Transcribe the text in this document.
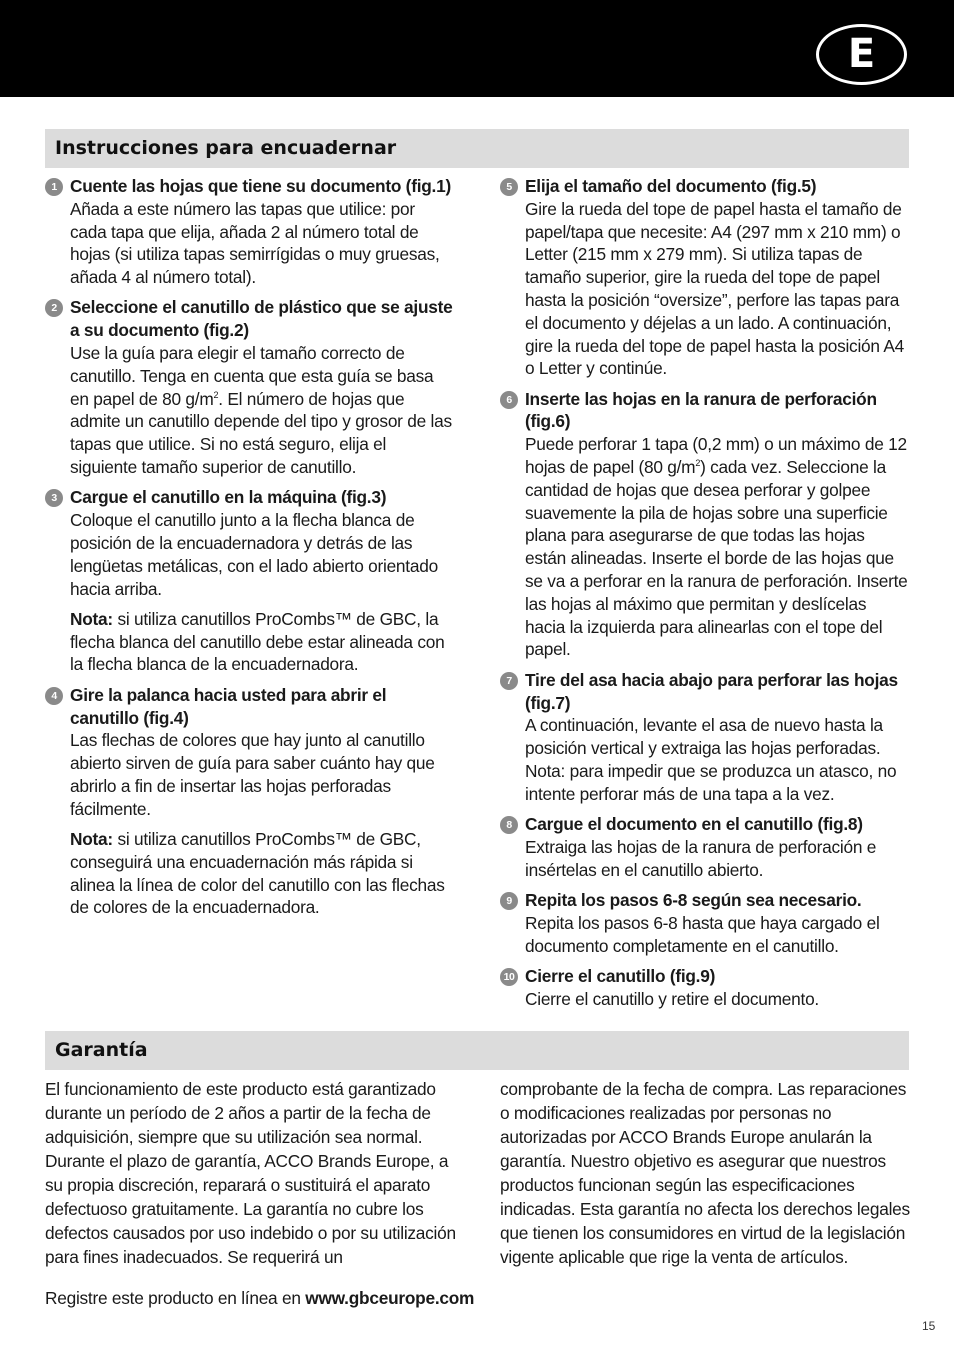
E
Instrucciones para encuadernar
1 Cuente las hojas que tiene su documento (fig.1)
Añada a este número las tapas que utilice: por cada tapa que elija, añada 2 al número total de hojas (si utiliza tapas semirrígidas o muy gruesas, añada 4 al número total).
2 Seleccione el canutillo de plástico que se ajuste a su documento (fig.2)
Use la guía para elegir el tamaño correcto de canutillo. Tenga en cuenta que esta guía se basa en papel de 80 $g/m^2$. El número de hojas que admite un canutillo depende del tipo y grosor de las tapas que utilice. Si no está seguro, elija el siguiente tamaño superior de canutillo.
3 Cargue el canutillo en la máquina (fig.3)
Coloque el canutillo junto a la flecha blanca de posición de la encuadernadora y detrás de las lengüetas metálicas, con el lado abierto orientado hacia arriba.
Nota: si utiliza canutillos ProCombs™ de GBC, la flecha blanca del canutillo debe estar alineada con la flecha blanca de la encuadernadora.
4 Gire la palanca hacia usted para abrir el canutillo (fig.4)
Las flechas de colores que hay junto al canutillo abierto sirven de guía para saber cuánto hay que abrirlo a fin de insertar las hojas perforadas fácilmente.
Nota: si utiliza canutillos ProCombs™ de GBC, conseguirá una encuadernación más rápida si alinea la línea de color del canutillo con las flechas de colores de la encuadernadora.
5 Elija el tamaño del documento (fig.5)
Gire la rueda del tope de papel hasta el tamaño de papel/tapa que necesite: A4 (297 mm x 210 mm) o Letter (215 mm x 279 mm). Si utiliza tapas de tamaño superior, gire la rueda del tope de papel hasta la posición “oversize”, perfore las tapas para el documento y déjelas a un lado. A continuación, gire la rueda del tope de papel hasta la posición A4 o Letter y continúe.
6 Inserte las hojas en la ranura de perforación (fig.6)
Puede perforar 1 tapa (0,2 mm) o un máximo de 12 hojas de papel (80 $g/m^2$) cada vez. Seleccione la cantidad de hojas que desea perforar y golpee suavemente la pila de hojas sobre una superficie plana para asegurarse de que todas las hojas están alineadas. Inserte el borde de las hojas que se va a perforar en la ranura de perforación. Inserte las hojas al máximo que permitan y deslícelas hacia la izquierda para alinearlas con el tope del papel.
7 Tire del asa hacia abajo para perforar las hojas (fig.7)
A continuación, levante el asa de nuevo hasta la posición vertical y extraiga las hojas perforadas. Nota: para impedir que se produzca un atasco, no intente perforar más de una tapa a la vez.
8 Cargue el documento en el canutillo (fig.8)
Extraiga las hojas de la ranura de perforación e insértelas en el canutillo abierto.
9 Repita los pasos 6-8 según sea necesario.
Repita los pasos 6-8 hasta que haya cargado el documento completamente en el canutillo.
10 Cierre el canutillo (fig.9)
Cierre el canutillo y retire el documento.
Garantía
El funcionamiento de este producto está garantizado durante un período de 2 años a partir de la fecha de adquisición, siempre que su utilización sea normal. Durante el plazo de garantía, ACCO Brands Europe, a su propia discreción, reparará o sustituirá el aparato defectuoso gratuitamente. La garantía no cubre los defectos causados por uso indebido o por su utilización para fines inadecuados. Se requerirá un
comprobante de la fecha de compra. Las reparaciones o modificaciones realizadas por personas no autorizadas por ACCO Brands Europe anularán la garantía. Nuestro objetivo es asegurar que nuestros productos funcionan según las especificaciones indicadas. Esta garantía no afecta los derechos legales que tienen los consumidores en virtud de la legislación vigente aplicable que rige la venta de artículos.
Registre este producto en línea en www.gbceurope.com
15
